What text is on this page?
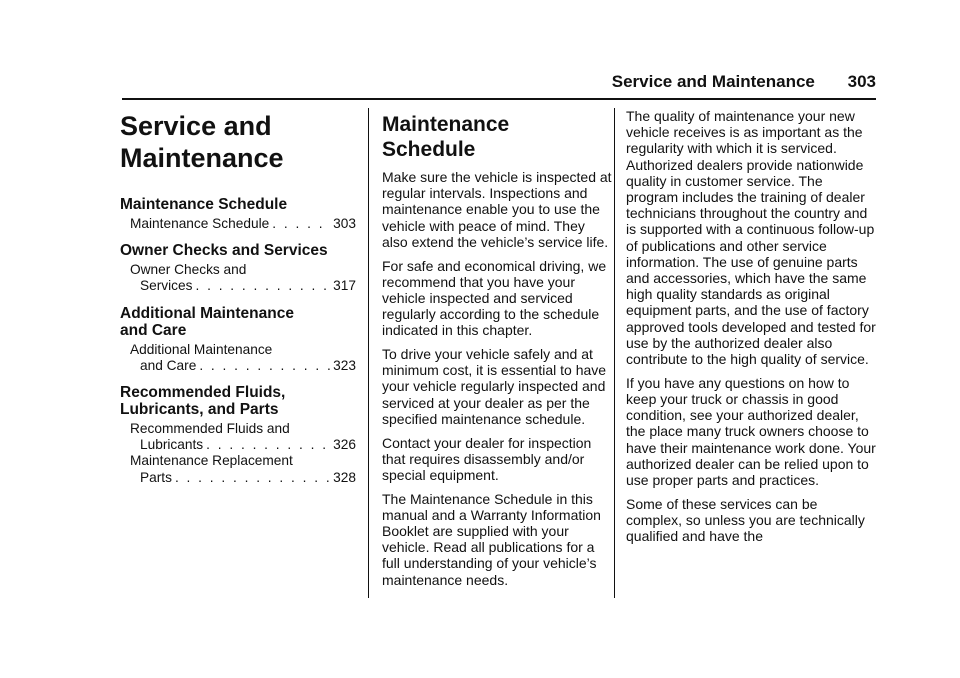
Service and Maintenance 303
Service and
Maintenance
Maintenance Schedule
Maintenance Schedule . . .	303
Owner Checks and Services
Owner Checks and
Services . . .	317
Additional Maintenance
and Care
Additional Maintenance
and Care . . .	323
Recommended Fluids,
Lubricants, and Parts
Recommended Fluids and
Lubricants . . .	326
Maintenance Replacement
Parts . . .	328
Maintenance
Schedule

Make sure the vehicle is inspected at regular intervals. Inspections and maintenance enable you to use the vehicle with peace of mind. They also extend the vehicle’s service life.

For safe and economical driving, we recommend that you have your vehicle inspected and serviced regularly according to the schedule indicated in this chapter.

To drive your vehicle safely and at minimum cost, it is essential to have your vehicle regularly inspected and serviced at your dealer as per the specified maintenance schedule.

Contact your dealer for inspection that requires disassembly and/or special equipment.

The Maintenance Schedule in this manual and a Warranty Information Booklet are supplied with your vehicle. Read all publications for a full understanding of your vehicle’s maintenance needs.

The quality of maintenance your new vehicle receives is as important as the regularity with which it is serviced. Authorized dealers provide nationwide quality in customer service. The program includes the training of dealer technicians throughout the country and is supported with a continuous follow-up of publications and other service information. The use of genuine parts and accessories, which have the same high quality standards as original equipment parts, and the use of factory approved tools developed and tested for use by the authorized dealer also contribute to the high quality of service.

If you have any questions on how to keep your truck or chassis in good condition, see your authorized dealer, the place many truck owners choose to have their maintenance work done. Your authorized dealer can be relied upon to use proper parts and practices.

Some of these services can be complex, so unless you are technically qualified and have the
